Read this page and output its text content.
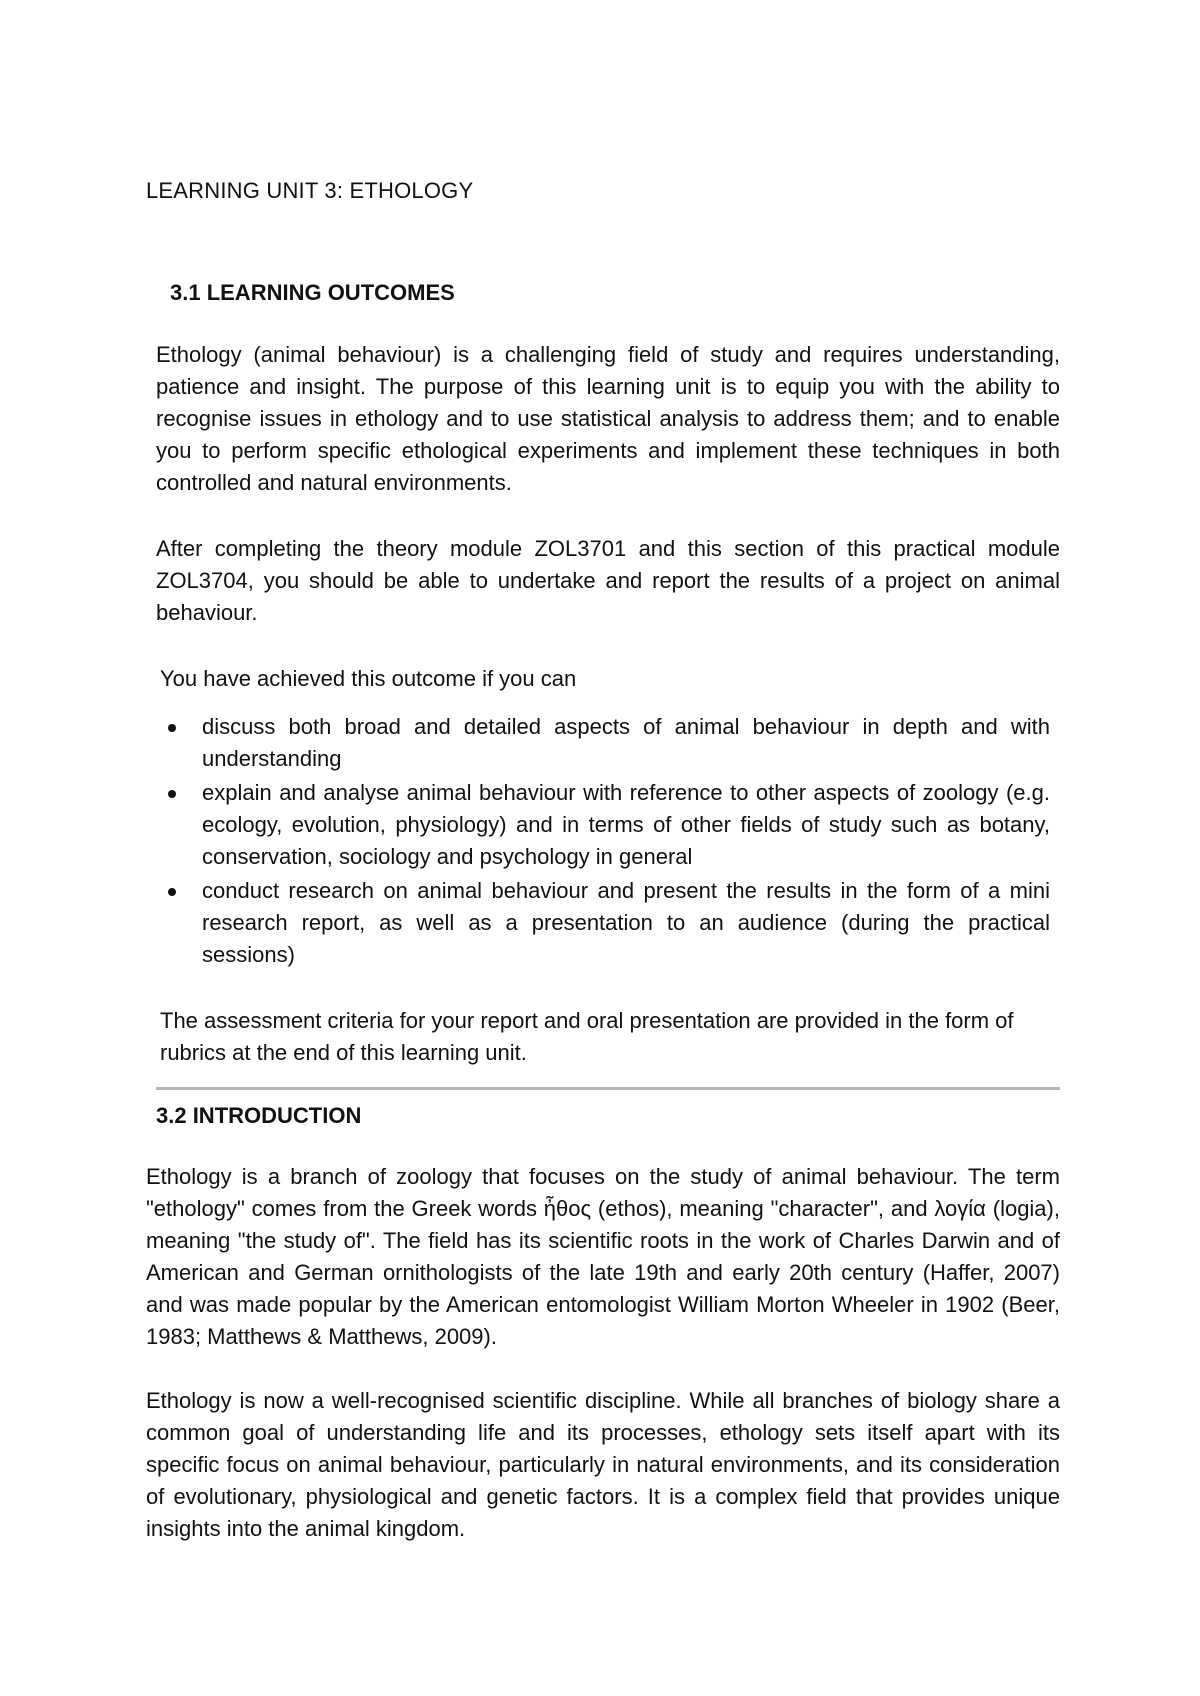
LEARNING UNIT 3: ETHOLOGY
3.1 LEARNING OUTCOMES

Ethology (animal behaviour) is a challenging field of study and requires understanding, patience and insight. The purpose of this learning unit is to equip you with the ability to recognise issues in ethology and to use statistical analysis to address them; and to enable you to perform specific ethological experiments and implement these techniques in both controlled and natural environments.

After completing the theory module ZOL3701 and this section of this practical module ZOL3704, you should be able to undertake and report the results of a project on animal behaviour.

You have achieved this outcome if you can

discuss both broad and detailed aspects of animal behaviour in depth and with understanding
explain and analyse animal behaviour with reference to other aspects of zoology (e.g. ecology, evolution, physiology) and in terms of other fields of study such as botany, conservation, sociology and psychology in general
conduct research on animal behaviour and present the results in the form of a mini research report, as well as a presentation to an audience (during the practical sessions)

The assessment criteria for your report and oral presentation are provided in the form of rubrics at the end of this learning unit.

3.2 INTRODUCTION

Ethology is a branch of zoology that focuses on the study of animal behaviour. The term "ethology" comes from the Greek words ἦθος (ethos), meaning "character", and λογία (logia), meaning "the study of". The field has its scientific roots in the work of Charles Darwin and of American and German ornithologists of the late 19th and early 20th century (Haffer, 2007) and was made popular by the American entomologist William Morton Wheeler in 1902 (Beer, 1983; Matthews & Matthews, 2009).

Ethology is now a well-recognised scientific discipline. While all branches of biology share a common goal of understanding life and its processes, ethology sets itself apart with its specific focus on animal behaviour, particularly in natural environments, and its consideration of evolutionary, physiological and genetic factors. It is a complex field that provides unique insights into the animal kingdom.
